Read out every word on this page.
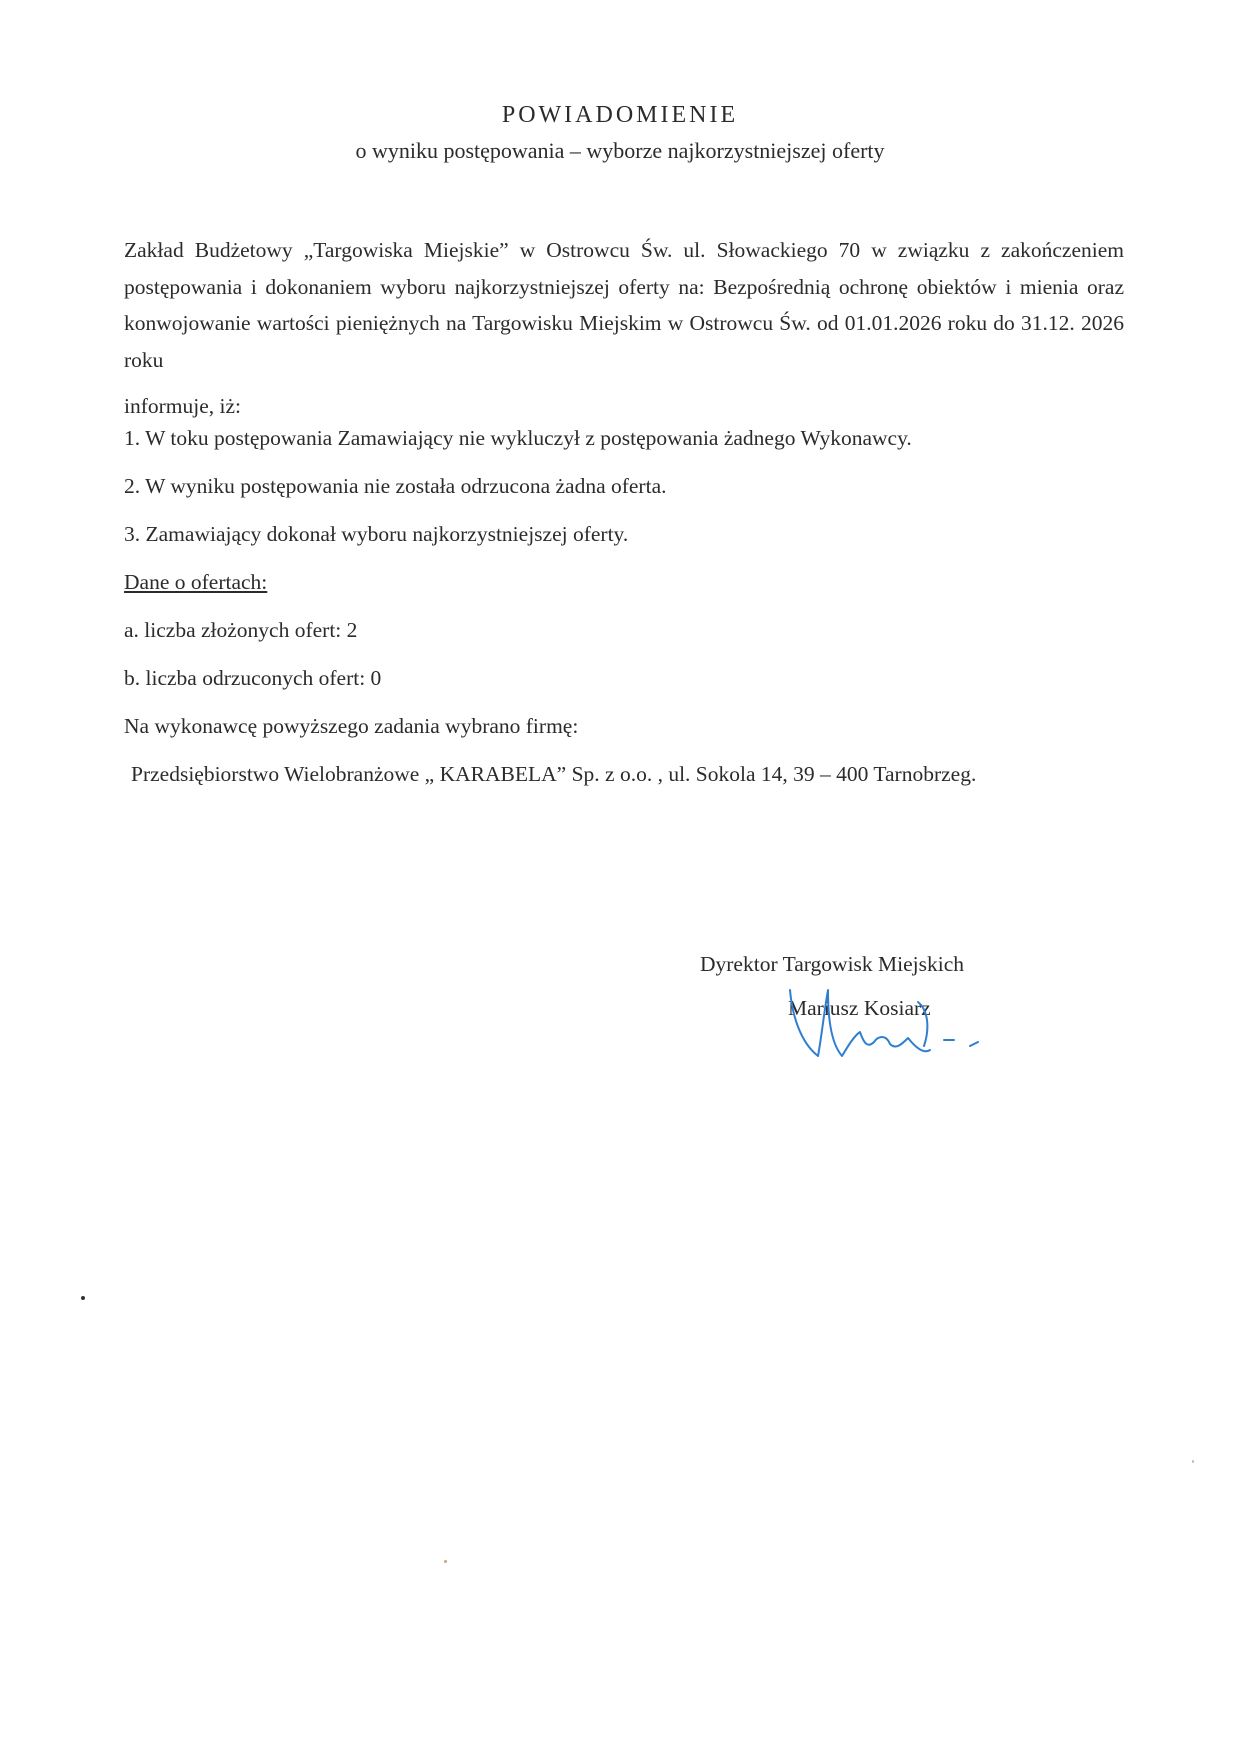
POWIADOMIENIE

o wyniku postępowania – wyborze najkorzystniejszej oferty

Zakład Budżetowy „Targowiska Miejskie” w Ostrowcu Św. ul. Słowackiego 70 w związku z zakończeniem postępowania i dokonaniem wyboru najkorzystniejszej oferty na: Bezpośrednią ochronę obiektów i mienia oraz konwojowanie wartości pieniężnych na Targowisku Miejskim w Ostrowcu Św. od 01.01.2026 roku do 31.12. 2026 roku

informuje, iż:

1. W toku postępowania Zamawiający nie wykluczył z postępowania żadnego Wykonawcy.

2. W wyniku postępowania nie została odrzucona żadna oferta.

3. Zamawiający dokonał wyboru najkorzystniejszej oferty.

Dane o ofertach:

a. liczba złożonych ofert: 2

b. liczba odrzuconych ofert: 0

Na wykonawcę powyższego zadania wybrano firmę:

Przedsiębiorstwo Wielobranżowe „ KARABELA” Sp. z o.o. , ul. Sokola 14, 39 – 400 Tarnobrzeg.

Dyrektor Targowisk Miejskich

Mariusz Kosiarz
